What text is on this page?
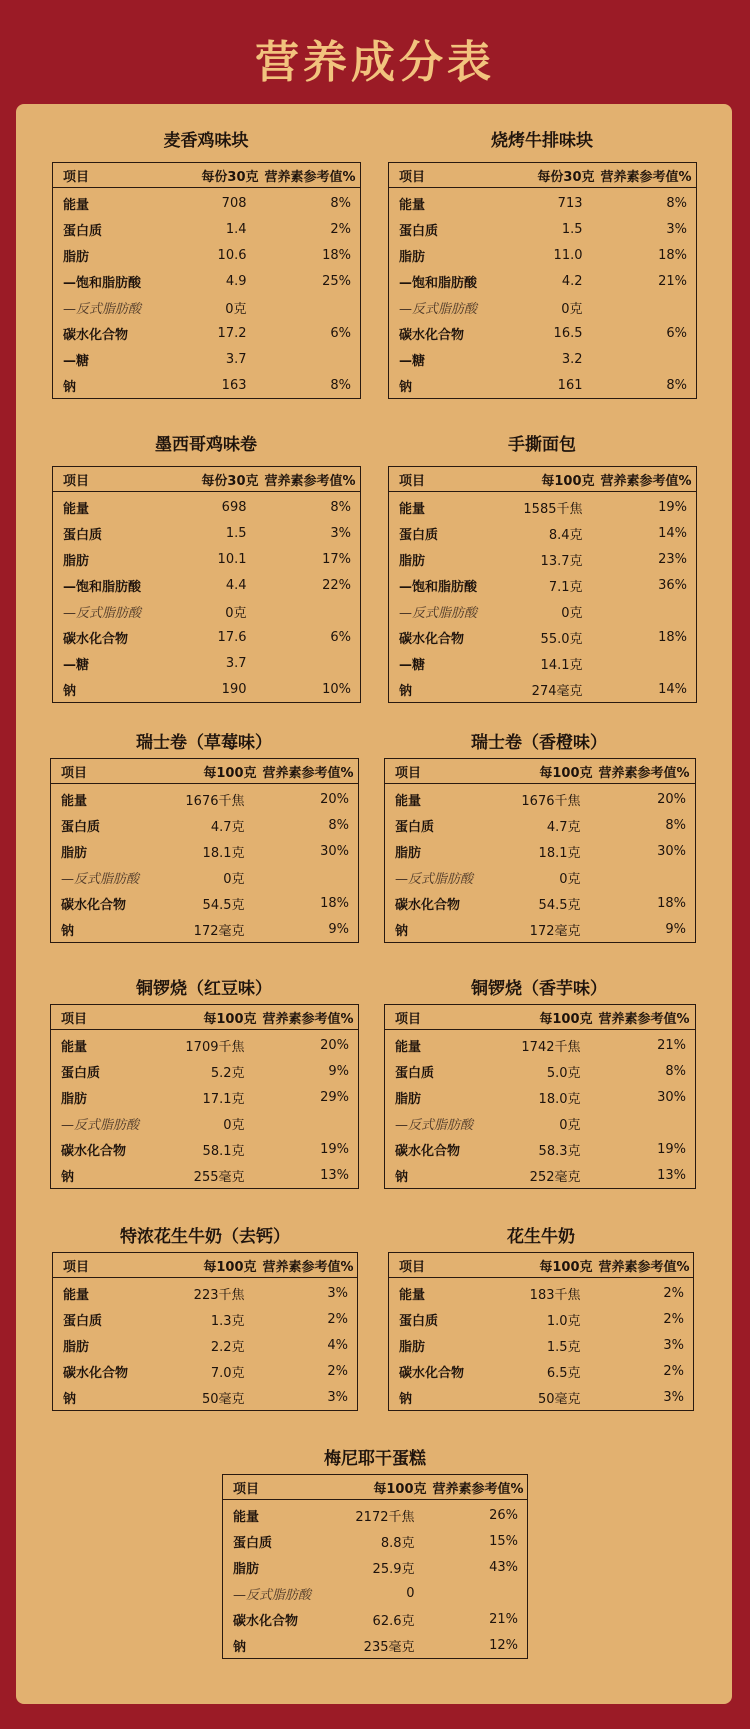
营养成分表
麦香鸡味块
项目	每份30克	营养素参考值%
能量	708	8%
蛋白质	1.4	2%
脂肪	10.6	18%
—饱和脂肪酸	4.9	25%
—反式脂肪酸	0克	
碳水化合物	17.2	6%
—糖	3.7	
钠	163	8%
烧烤牛排味块
项目	每份30克	营养素参考值%
能量	713	8%
蛋白质	1.5	3%
脂肪	11.0	18%
—饱和脂肪酸	4.2	21%
—反式脂肪酸	0克	
碳水化合物	16.5	6%
—糖	3.2	
钠	161	8%
墨西哥鸡味卷
项目	每份30克	营养素参考值%
能量	698	8%
蛋白质	1.5	3%
脂肪	10.1	17%
—饱和脂肪酸	4.4	22%
—反式脂肪酸	0克	
碳水化合物	17.6	6%
—糖	3.7	
钠	190	10%
手撕面包
项目	每100克	营养素参考值%
能量	1585千焦	19%
蛋白质	8.4克	14%
脂肪	13.7克	23%
—饱和脂肪酸	7.1克	36%
—反式脂肪酸	0克	
碳水化合物	55.0克	18%
—糖	14.1克	
钠	274毫克	14%
瑞士卷（草莓味）
项目	每100克	营养素参考值%
能量	1676千焦	20%
蛋白质	4.7克	8%
脂肪	18.1克	30%
—反式脂肪酸	0克	
碳水化合物	54.5克	18%
钠	172毫克	9%
瑞士卷（香橙味）
项目	每100克	营养素参考值%
能量	1676千焦	20%
蛋白质	4.7克	8%
脂肪	18.1克	30%
—反式脂肪酸	0克	
碳水化合物	54.5克	18%
钠	172毫克	9%
铜锣烧（红豆味）
项目	每100克	营养素参考值%
能量	1709千焦	20%
蛋白质	5.2克	9%
脂肪	17.1克	29%
—反式脂肪酸	0克	
碳水化合物	58.1克	19%
钠	255毫克	13%
铜锣烧（香芋味）
项目	每100克	营养素参考值%
能量	1742千焦	21%
蛋白质	5.0克	8%
脂肪	18.0克	30%
—反式脂肪酸	0克	
碳水化合物	58.3克	19%
钠	252毫克	13%
特浓花生牛奶（去钙）
项目	每100克	营养素参考值%
能量	223千焦	3%
蛋白质	1.3克	2%
脂肪	2.2克	4%
碳水化合物	7.0克	2%
钠	50毫克	3%
花生牛奶
项目	每100克	营养素参考值%
能量	183千焦	2%
蛋白质	1.0克	2%
脂肪	1.5克	3%
碳水化合物	6.5克	2%
钠	50毫克	3%
梅尼耶干蛋糕
项目	每100克	营养素参考值%
能量	2172千焦	26%
蛋白质	8.8克	15%
脂肪	25.9克	43%
—反式脂肪酸	0	
碳水化合物	62.6克	21%
钠	235毫克	12%
